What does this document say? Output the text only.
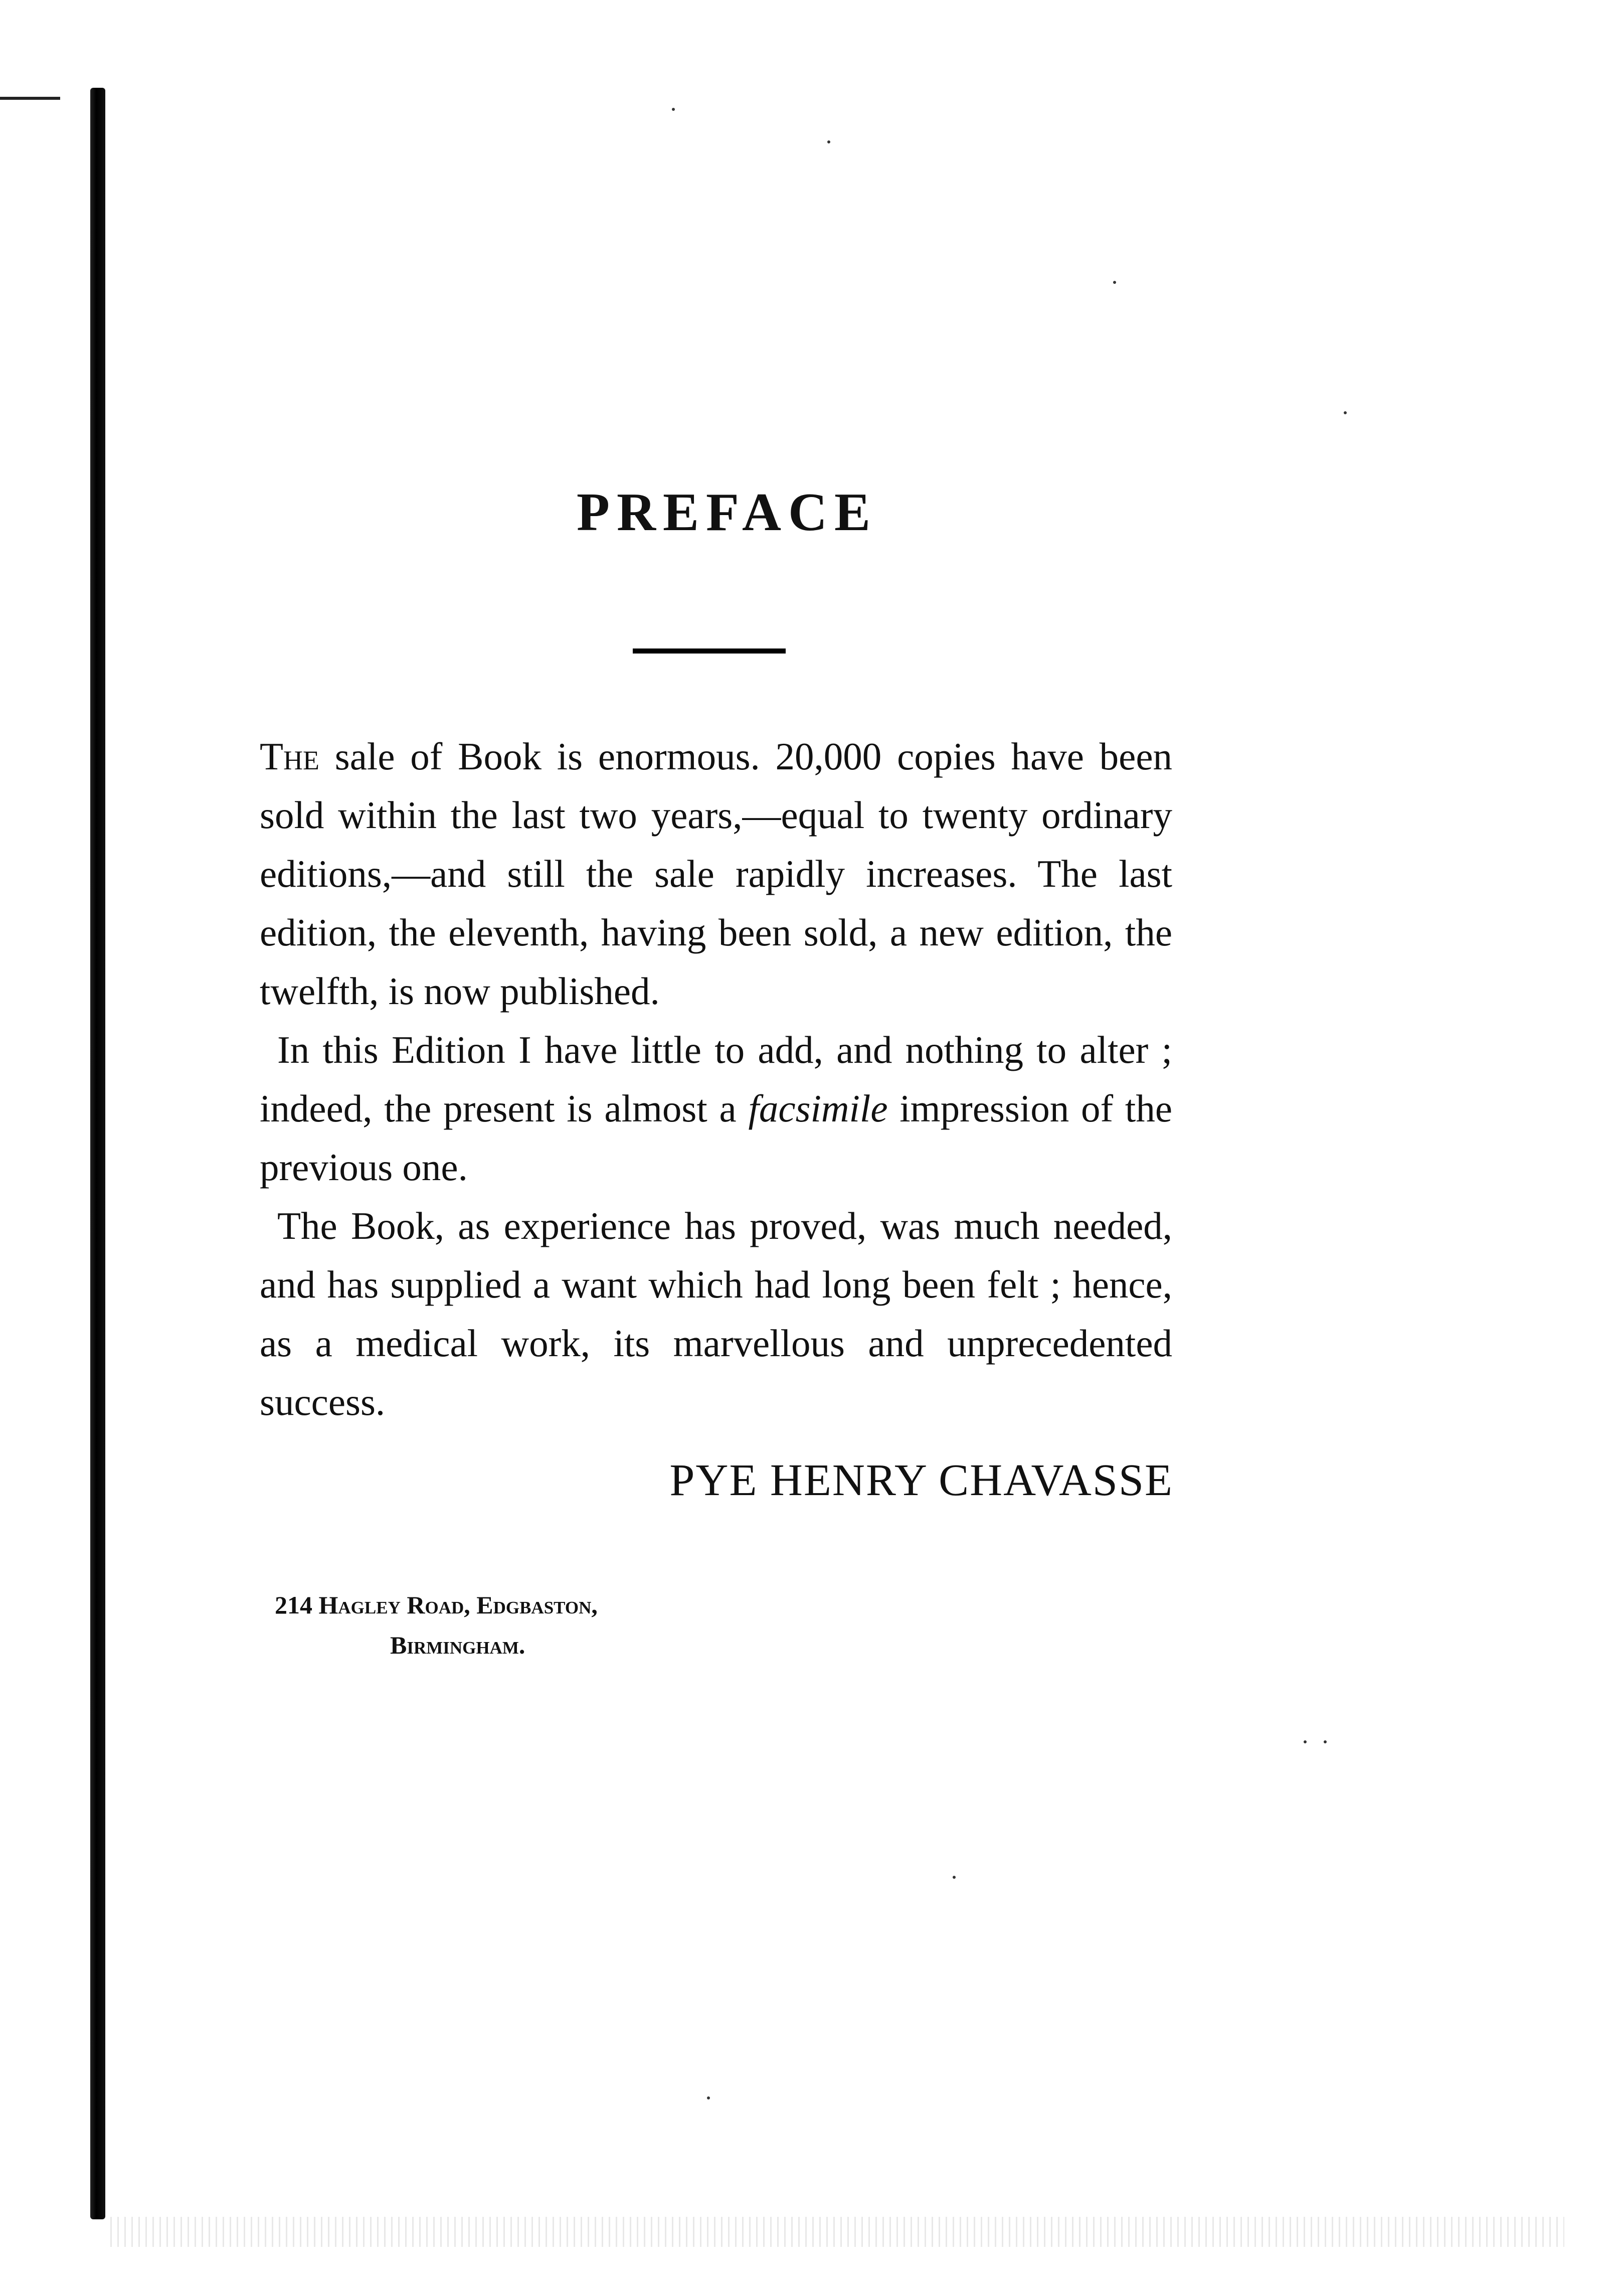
PREFACE

The sale of Book is enormous. 20,000 copies have been sold within the last two years,—equal to twenty ordinary editions,—and still the sale rapidly increases. The last edition, the eleventh, having been sold, a new edition, the twelfth, is now published.

In this Edition I have little to add, and nothing to alter ; indeed, the present is almost a facsimile impression of the previous one.

The Book, as experience has proved, was much needed, and has supplied a want which had long been felt ; hence, as a medical work, its marvellous and unprecedented success.

PYE HENRY CHAVASSE

214 Hagley Road, Edgbaston,
Birmingham.
